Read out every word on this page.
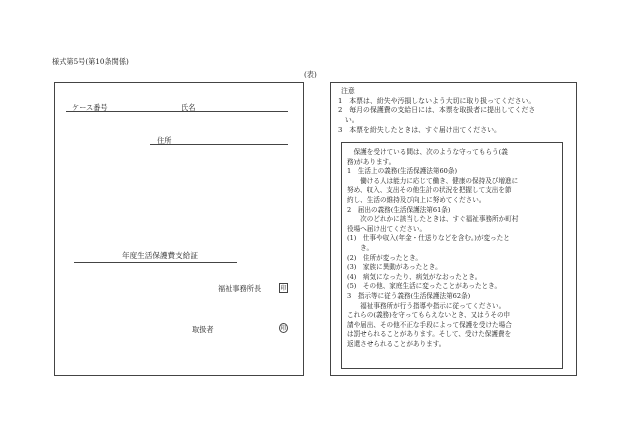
様式第5号(第10条関係)
(表)
ケース番号	氏名
住所
年度生活保護費支給証
福祉事務所長	印
取扱者	印
注意
1　本票は、紛失や汚損しないよう大切に取り扱ってください。
2　毎月の保護費の支給日には、本票を取扱者に提出してくださ
　い。
3　本票を紛失したときは、すぐ届け出てください。
　保護を受けている間は、次のような守ってもらう(義
務)があります。
1　生活上の義務(生活保護法第60条)
　　働ける人は能力に応じて働き、健康の保持及び増進に
努め、収入、支出その他生計の状況を把握して支出を節
約し、生活の維持及び向上に努めてください。
2　届出の義務(生活保護法第61条)
　　次のどれかに該当したときは、すぐ福祉事務所か町村
役場へ届け出てください。
(1)　仕事や収入(年金・仕送りなどを含む。)が変ったと
　　き。
(2)　住所が変ったとき。
(3)　家族に異動があったとき。
(4)　病気になったり、病気がなおったとき。
(5)　その他、家庭生活に変ったことがあったとき。
3　指示等に従う義務(生活保護法第62条)
　　福祉事務所が行う指導や指示に従ってください。
これらの(義務)を守ってもらえないとき、又はうその申
請や届出、その他不正な手段によって保護を受けた場合
は罰せられることがあります。そして、受けた保護費を
返還させられることがあります。
